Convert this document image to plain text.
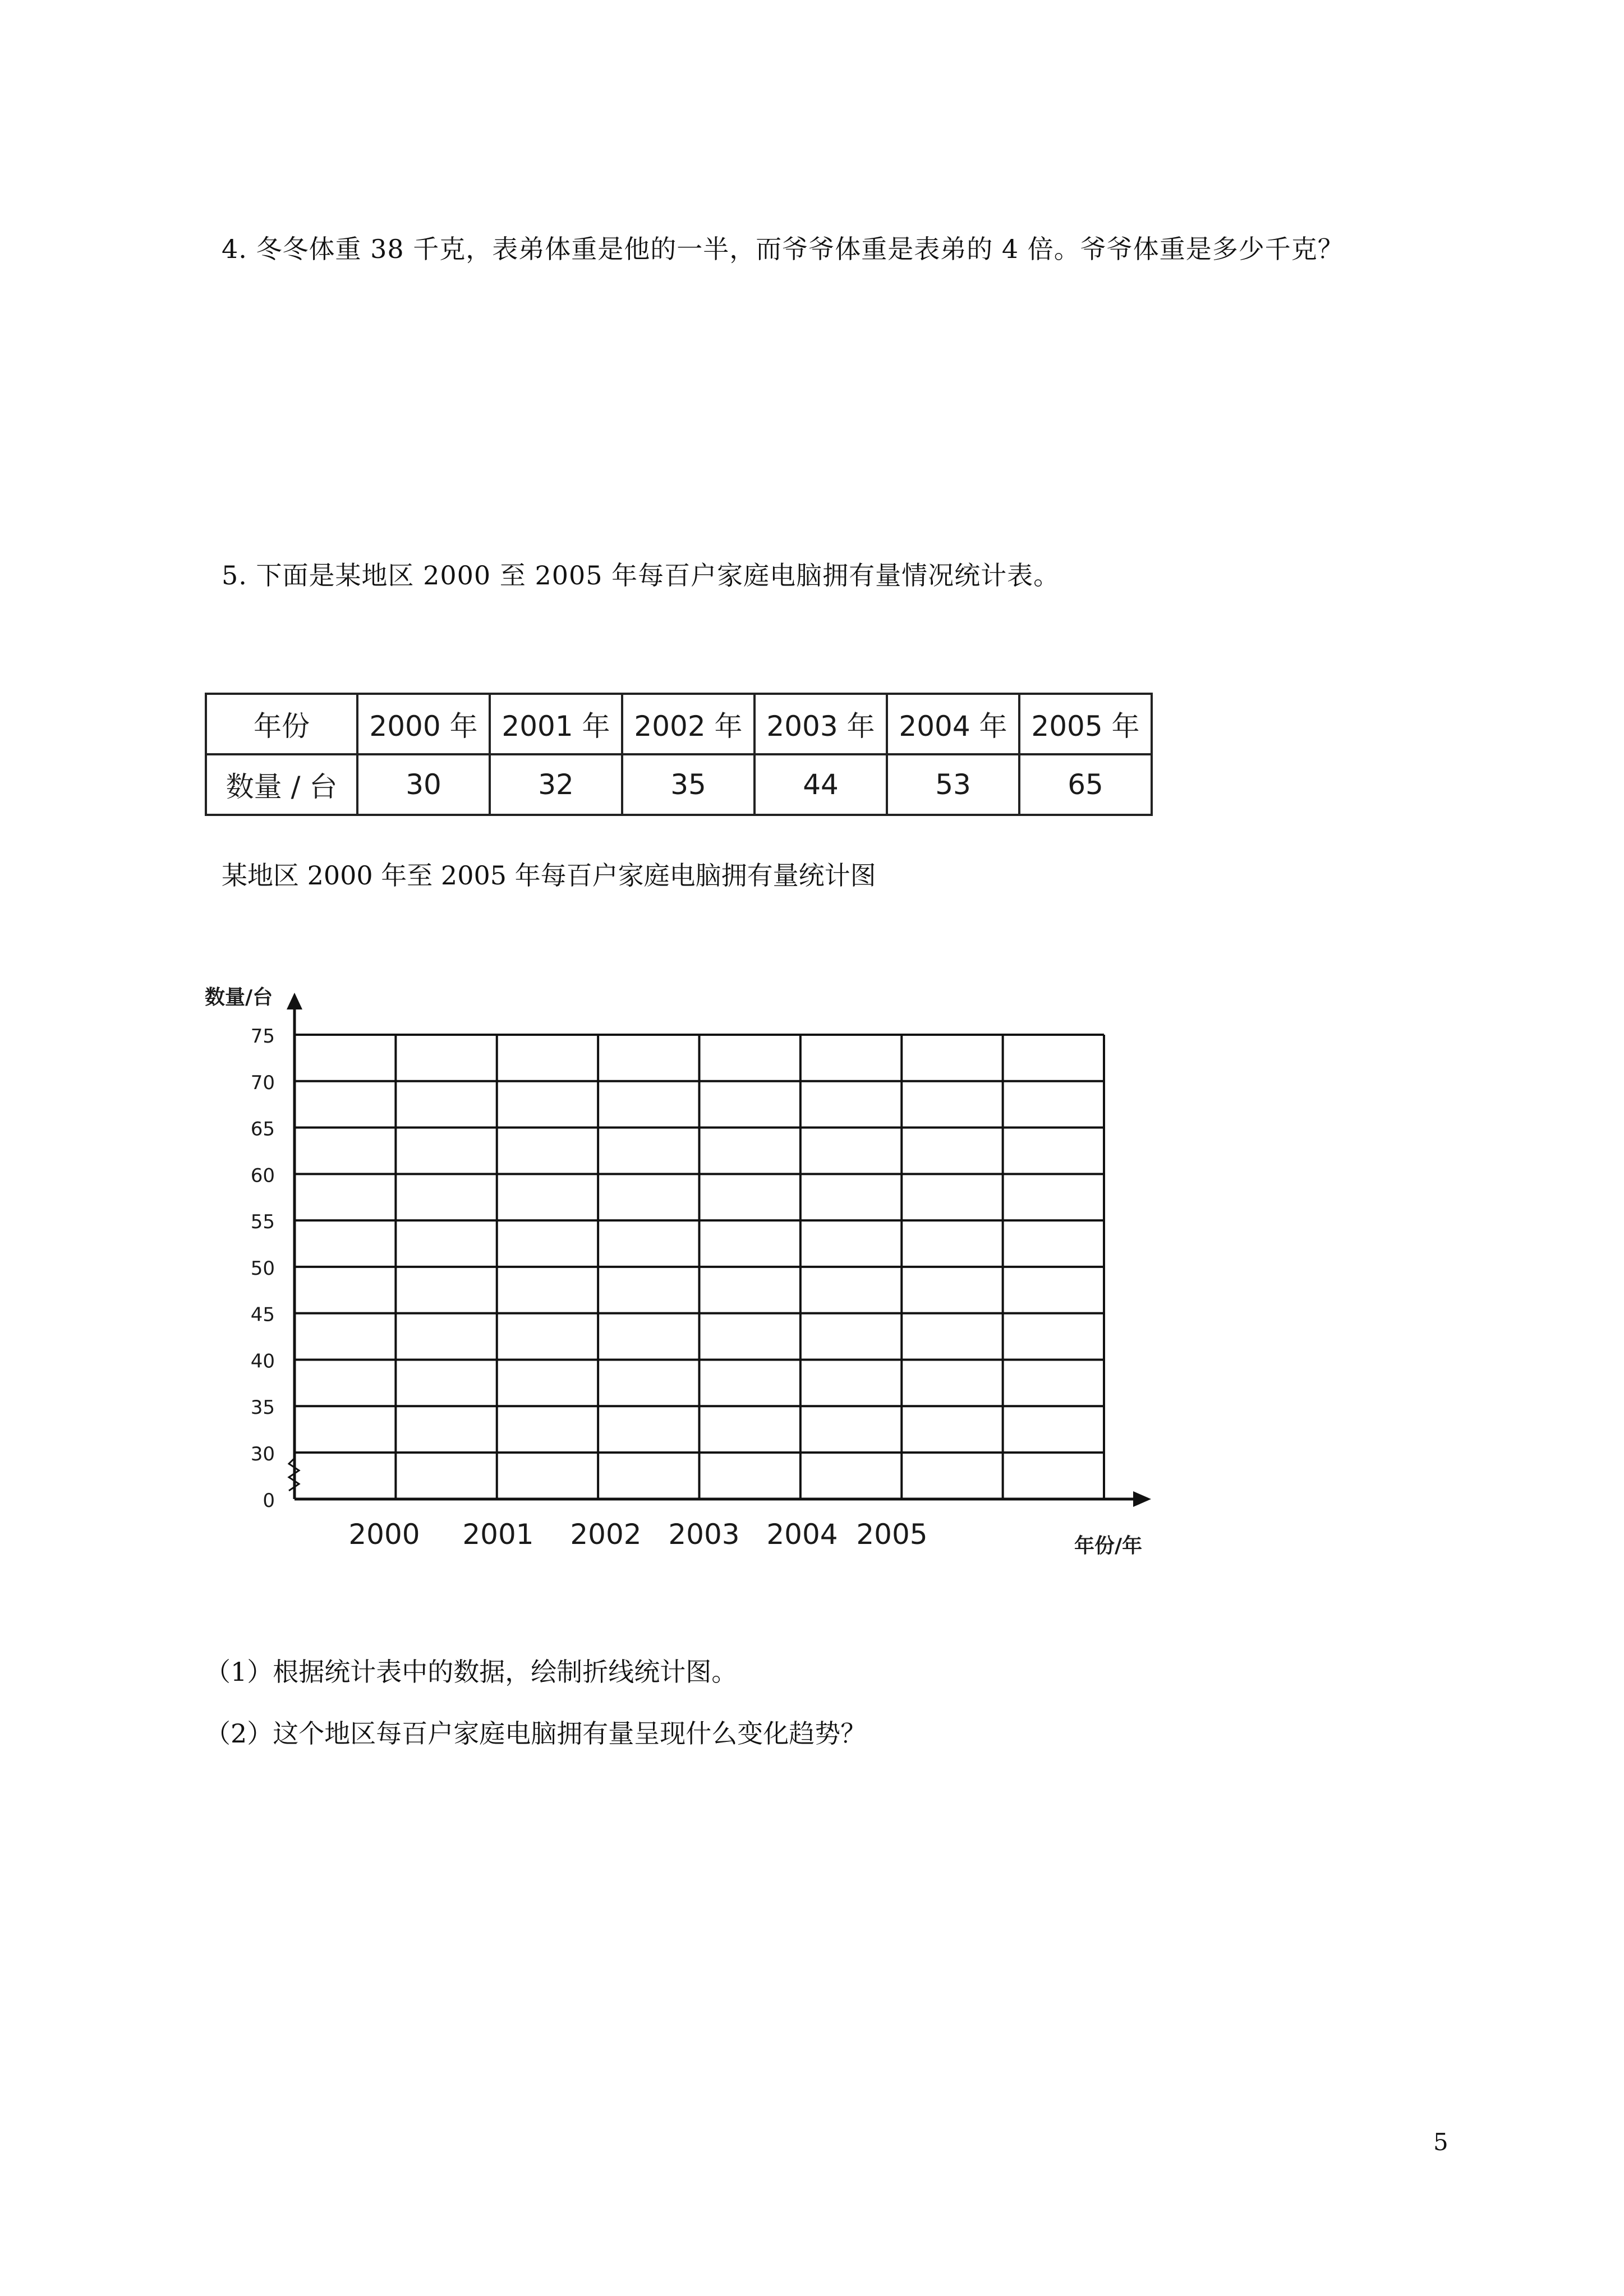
4. 冬冬体重 38 千克，表弟体重是他的一半，而爷爷体重是表弟的 4 倍。爷爷体重是多少千克？
5. 下面是某地区 2000 至 2005 年每百户家庭电脑拥有量情况统计表。
年份	2000 年	2001 年	2002 年	2003 年	2004 年	2005 年
数量 / 台	30	32	35	44	53	65
某地区 2000 年至 2005 年每百户家庭电脑拥有量统计图
0
30
35
40
45
50
55
60
65
70
75
2000 2001 2002 2003 2004 2005
数量/台
年份/年
（1）根据统计表中的数据，绘制折线统计图。
（2）这个地区每百户家庭电脑拥有量呈现什么变化趋势？
5
